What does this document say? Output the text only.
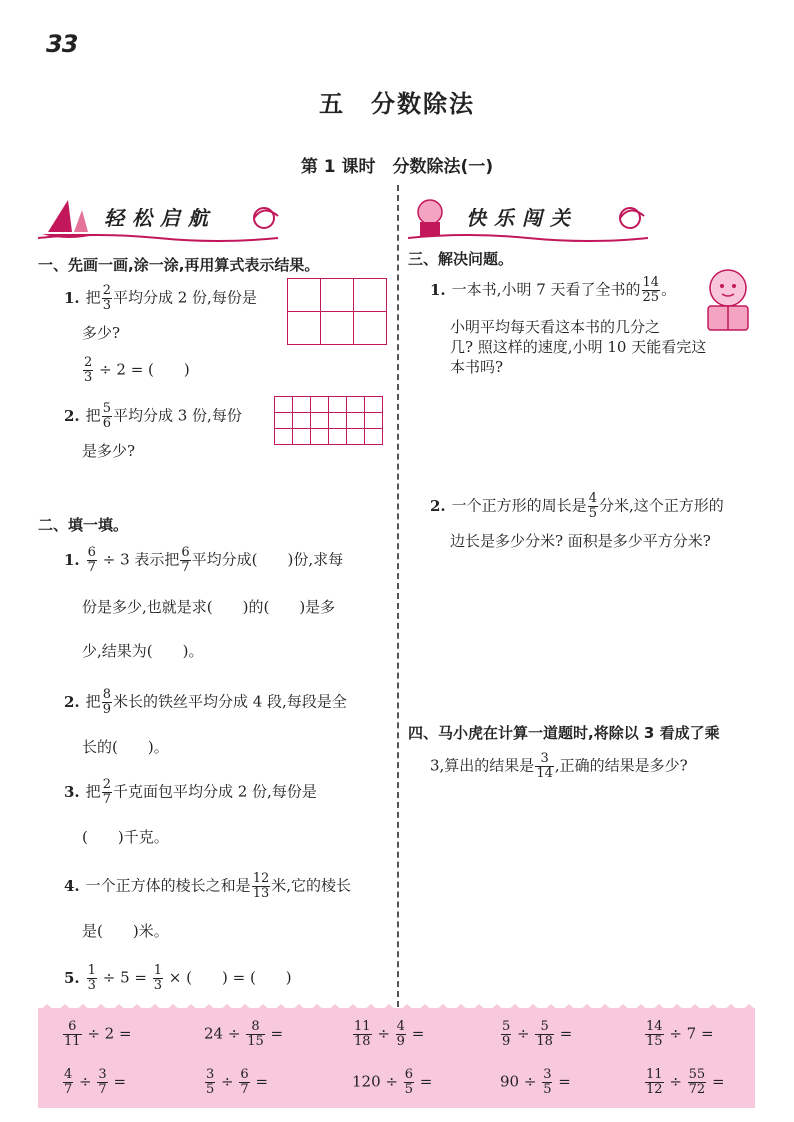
33
五　分数除法
第 1 课时　分数除法(一)
轻松启航	快乐闯关
一、先画一画,涂一涂,再用算式表示结果。
1. 把 $\frac{2}{3}$ 平均分成 2 份,每份是
多少?
$\frac{2}{3} \div 2$ = (　　)

2. 把 $\frac{5}{6}$ 平均分成 3 份,每份
是多少?

二、填一填。
1. $\frac{6}{7} \div 3$ 表示把 $\frac{6}{7}$ 平均分成(　　)份,求每
份是多少,也就是求(　　)的(　　)是多
少,结果为(　　)。
2. 把 $\frac{8}{9}$ 米长的铁丝平均分成 4 段,每段是全
长的(　　)。
3. 把 $\frac{2}{7}$ 千克面包平均分成 2 份,每份是
(　　)千克。
4. 一个正方体的棱长之和是 $\frac{12}{13}$ 米,它的棱长
是(　　)米。
5. $\frac{1}{3} \div 5 = \frac{1}{3}$ × (　　) = (　　)
三、解决问题。
1. 一本书,小明 7 天看了全书的 $\frac{14}{25}$ 。
小明平均每天看这本书的几分之
几? 照这样的速度,小明 10 天能看完这
本书吗?
2. 一个正方形的周长是 $\frac{4}{5}$ 分米,这个正方形的
边长是多少分米? 面积是多少平方分米?
四、马小虎在计算一道题时,将除以 3 看成了乘
3,算出的结果是 $\frac{3}{14}$ ,正确的结果是多少?
$\frac{6}{11} \div 2$ =	$24 \div \frac{8}{15}$ =	$\frac{11}{18} \div \frac{4}{9}$ =	$\frac{5}{9} \div \frac{5}{18}$ =	$\frac{14}{15} \div 7$ =
$\frac{4}{7} \div \frac{3}{7}$ =	$\frac{3}{5} \div \frac{6}{7}$ =	$120 \div \frac{6}{5}$ =	$90 \div \frac{3}{5}$ =	$\frac{11}{12} \div \frac{55}{72}$ =
